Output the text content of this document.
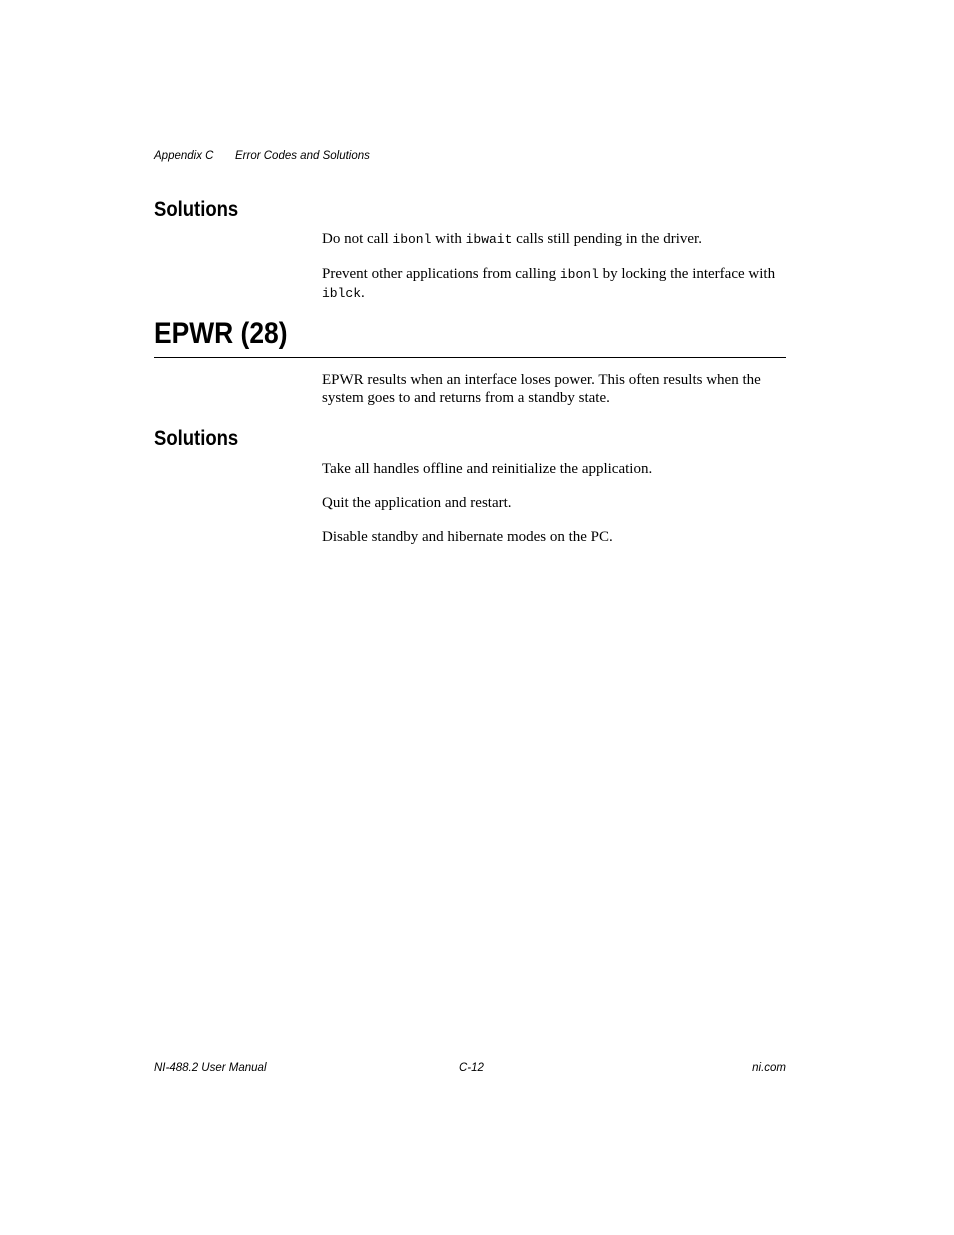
Appendix C Error Codes and Solutions
Solutions
Do not call ibonl with ibwait calls still pending in the driver.
Prevent other applications from calling ibonl by locking the interface with iblck.
EPWR (28)
EPWR results when an interface loses power. This often results when the system goes to and returns from a standby state.
Solutions
Take all handles offline and reinitialize the application.
Quit the application and restart.
Disable standby and hibernate modes on the PC.
NI-488.2 User Manual	C-12	ni.com
